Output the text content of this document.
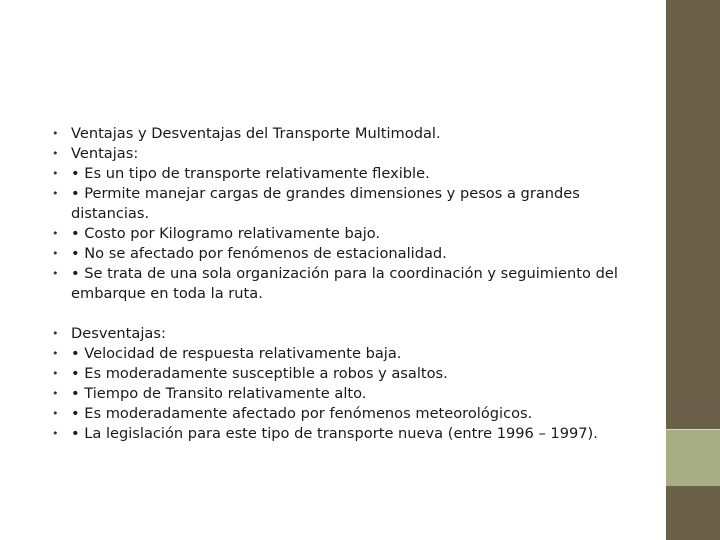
• Ventajas y Desventajas del Transporte Multimodal.
• Ventajas:
• • Es un tipo de transporte relativamente flexible.
• • Permite manejar cargas de grandes dimensiones y pesos a grandes distancias.
• • Costo por Kilogramo relativamente bajo.
• • No se afectado por fenómenos de estacionalidad.
• • Se trata de una sola organización para la coordinación y seguimiento del embarque en toda la ruta.
• Desventajas:
• • Velocidad de respuesta relativamente baja.
• • Es moderadamente susceptible a robos y asaltos.
• • Tiempo de Transito relativamente alto.
• • Es moderadamente afectado por fenómenos meteorológicos.
• • La legislación para este tipo de transporte nueva (entre 1996 – 1997).
